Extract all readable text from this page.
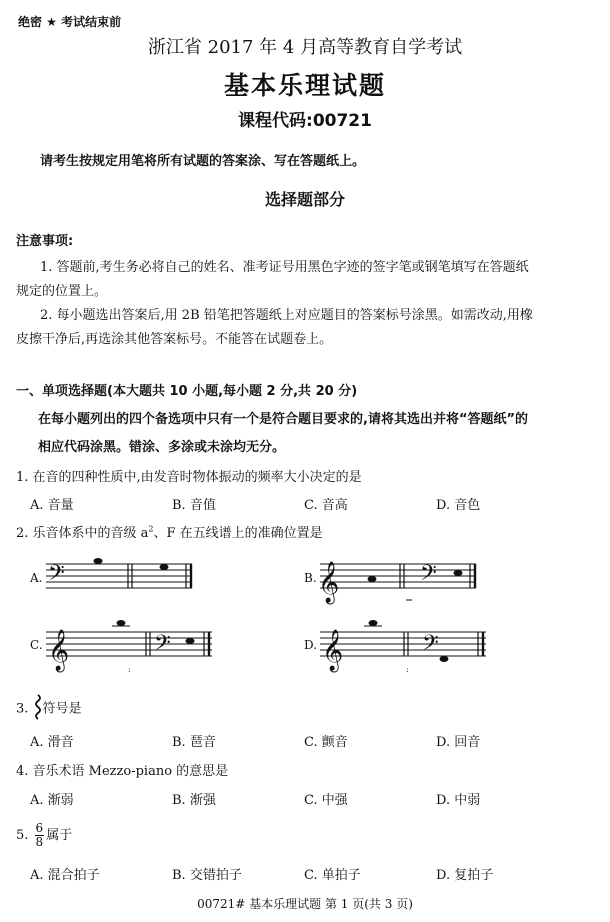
绝密 ★ 考试结束前
浙江省 2017 年 4 月高等教育自学考试
基本乐理试题
课程代码:00721
请考生按规定用笔将所有试题的答案涂、写在答题纸上。
选择题部分
注意事项:
1. 答题前,考生务必将自己的姓名、准考证号用黑色字迹的签字笔或钢笔填写在答题纸
规定的位置上。
2. 每小题选出答案后,用 2B 铅笔把答题纸上对应题目的答案标号涂黑。如需改动,用橡
皮擦干净后,再选涂其他答案标号。不能答在试题卷上。
一、单项选择题(本大题共 10 小题,每小题 2 分,共 20 分)
在每小题列出的四个备选项中只有一个是符合题目要求的,请将其选出并将“答题纸”的
相应代码涂黑。错涂、多涂或未涂均无分。
1. 在音的四种性质中,由发音时物体振动的频率大小决定的是
A. 音量	B. 音值	C. 音高	D. 音色
2. 乐音体系中的音级 $a^2$、F 在五线谱上的准确位置是
A.	B.
C.	D.
𝄢	𝄞	𝄢
𝄞	:
𝄢	𝄞	:
𝄢
3. 符号是
A. 滑音	B. 琶音	C. 颤音	D. 回音
4. 音乐术语 Mezzo-piano 的意思是
A. 渐弱	B. 渐强	C. 中强	D. 中弱
5. $\frac{6}{8}$ 属于
A. 混合拍子	B. 交错拍子	C. 单拍子	D. 复拍子
00721# 基本乐理试题 第 1 页(共 3 页)
